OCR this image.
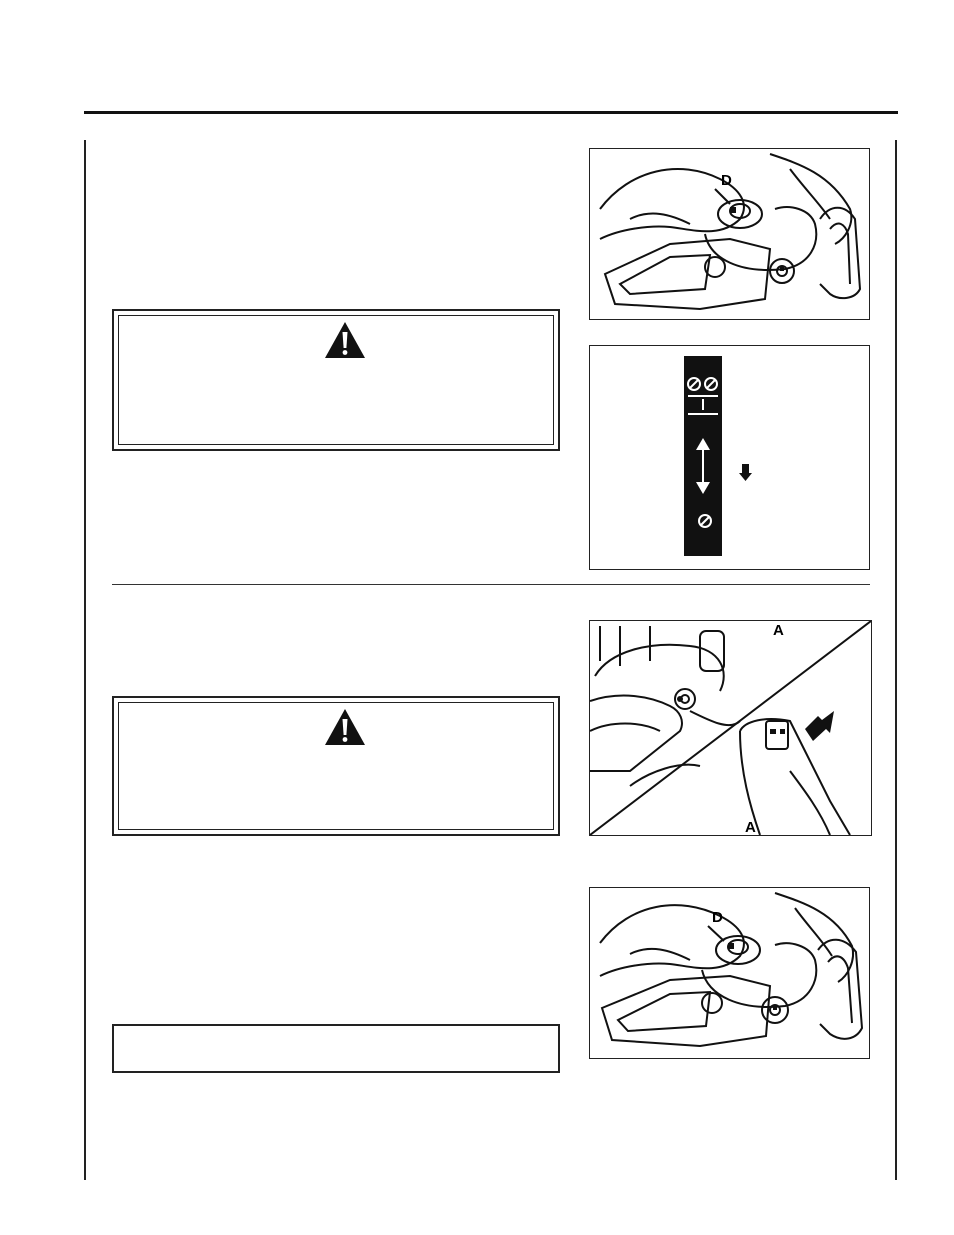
D
A
A
D
